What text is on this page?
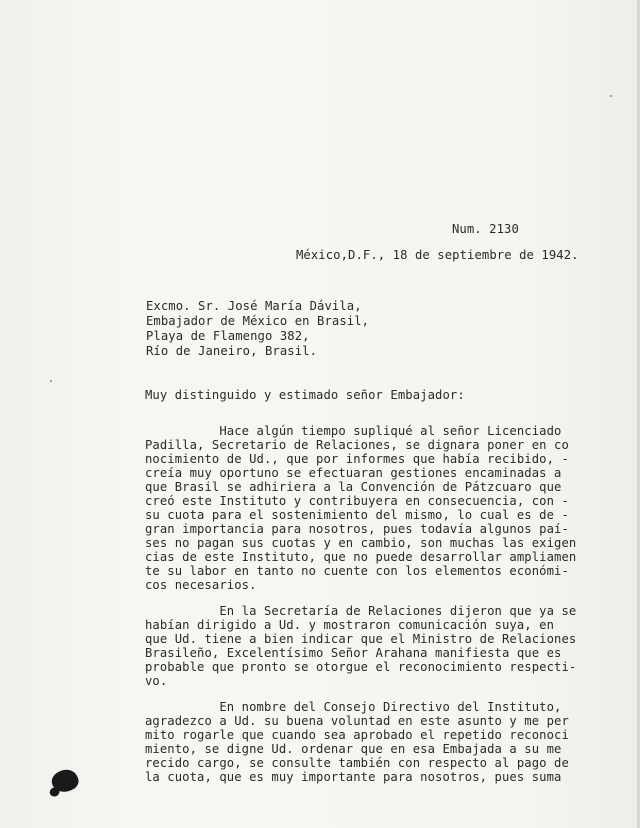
Num. 2130
México,D.F., 18 de septiembre de 1942.
Excmo. Sr. José María Dávila,
Embajador de México en Brasil,
Playa de Flamengo 382,
Río de Janeiro, Brasil.
Muy distinguido y estimado señor Embajador:
Hace algún tiempo supliqué al señor Licenciado
Padilla, Secretario de Relaciones, se dignara poner en co
nocimiento de Ud., que por informes que había recibido, -
creía muy oportuno se efectuaran gestiones encaminadas a
que Brasil se adhiriera a la Convención de Pátzcuaro que
creó este Instituto y contribuyera en consecuencia, con -
su cuota para el sostenimiento del mismo, lo cual es de -
gran importancia para nosotros, pues todavía algunos paí-
ses no pagan sus cuotas y en cambio, son muchas las exigen
cias de este Instituto, que no puede desarrollar ampliamen
te su labor en tanto no cuente con los elementos económi-
cos necesarios.
En la Secretaría de Relaciones dijeron que ya se
habían dirigido a Ud. y mostraron comunicación suya, en
que Ud. tiene a bien indicar que el Ministro de Relaciones
Brasileño, Excelentísimo Señor Arahana manifiesta que es
probable que pronto se otorgue el reconocimiento respecti-
vo.
En nombre del Consejo Directivo del Instituto,
agradezco a Ud. su buena voluntad en este asunto y me per
mito rogarle que cuando sea aprobado el repetido reconoci
miento, se digne Ud. ordenar que en esa Embajada a su me
recido cargo, se consulte también con respecto al pago de
la cuota, que es muy importante para nosotros, pues suma
